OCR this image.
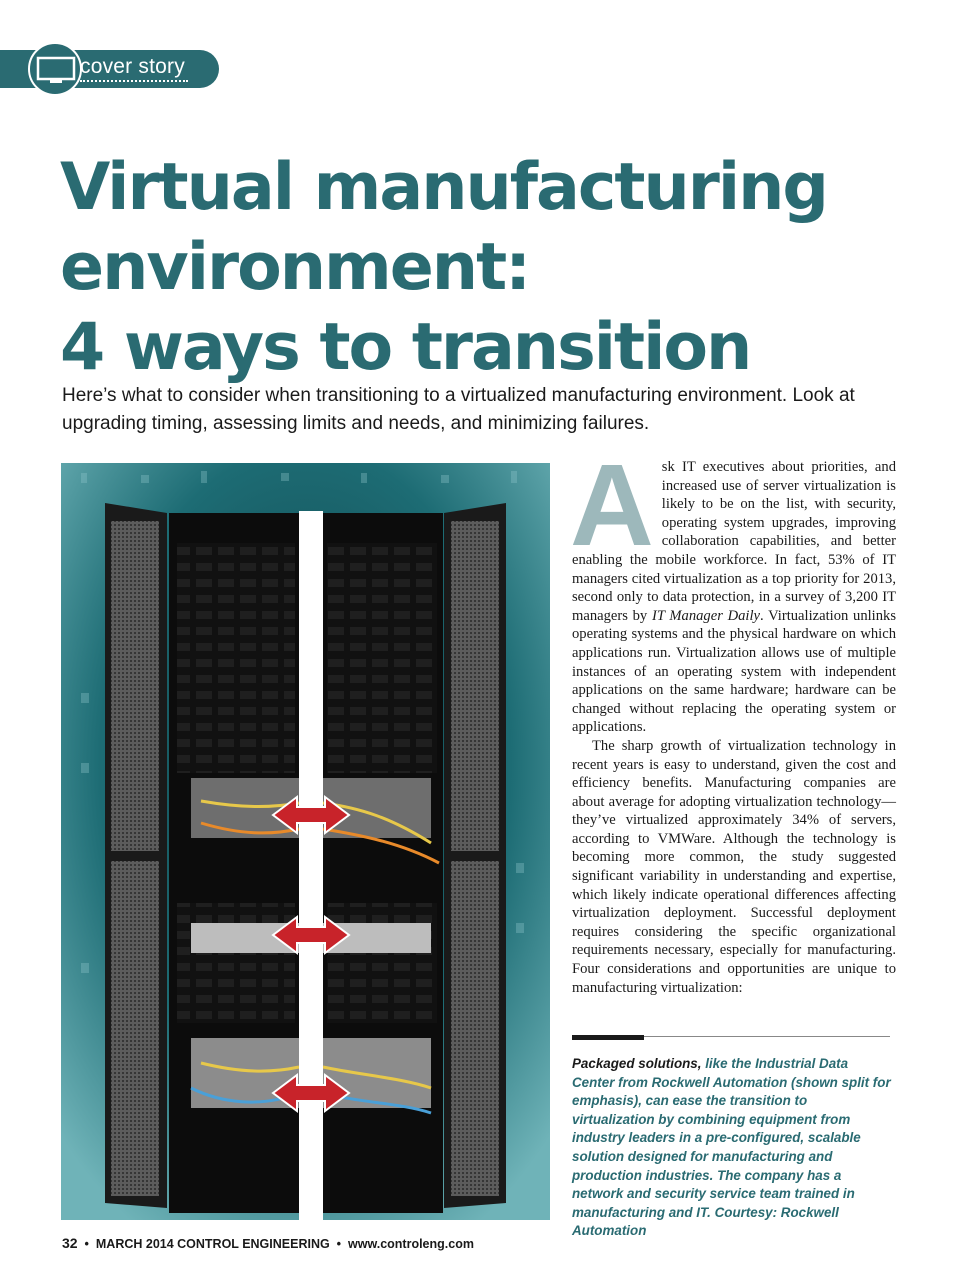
cover story
Virtual manufacturing
environment:
4 ways to transition

Here’s what to consider when transitioning to a virtualized manufacturing environment. Look at upgrading timing, assessing limits and needs, and minimizing failures.

Ask IT executives about priorities, and increased use of server virtualization is likely to be on the list, with security, operating system upgrades, improving collaboration capabilities, and better enabling the mobile workforce. In fact, 53% of IT managers cited virtualization as a top priority for 2013, second only to data protection, in a survey of 3,200 IT managers by IT Manager Daily. Virtualization unlinks operating systems and the physical hardware on which applications run. Virtualization allows use of multiple instances of an operating system with independent applications on the same hardware; hardware can be changed without replacing the operating system or applications.

The sharp growth of virtualization technology in recent years is easy to understand, given the cost and efficiency benefits. Manufacturing companies are about average for adopting virtualization technology—they’ve virtualized approximately 34% of servers, according to VMWare. Although the technology is becoming more common, the study suggested significant variability in understanding and expertise, which likely indicate operational differences affecting virtualization deployment. Successful deployment requires considering the specific organizational requirements necessary, especially for manufacturing. Four considerations and opportunities are unique to manufacturing virtualization:

Packaged solutions, like the Industrial Data Center from Rockwell Automation (shown split for emphasis), can ease the transition to virtualization by combining equipment from industry leaders in a pre-configured, scalable solution designed for manufacturing and production industries. The company has a network and security service team trained in manufacturing and IT. Courtesy: Rockwell Automation

32 • MARCH 2014 CONTROL ENGINEERING • www.controleng.com
